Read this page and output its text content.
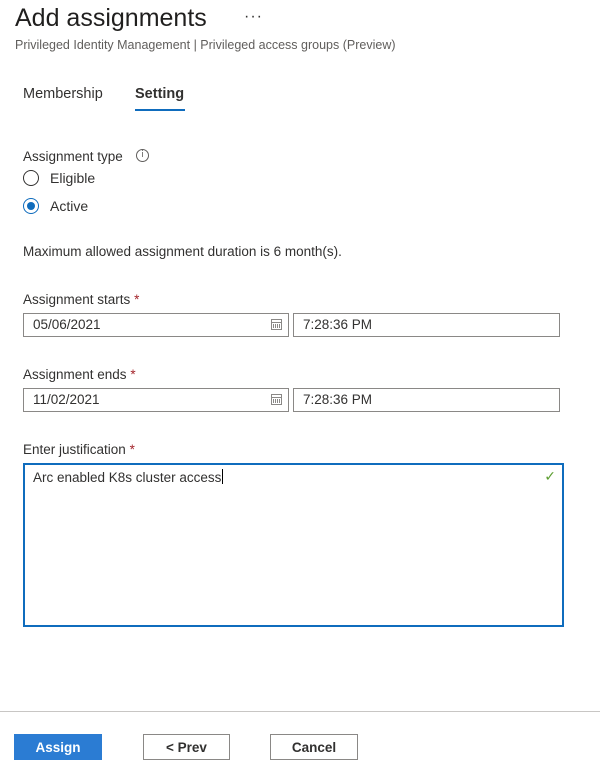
Add assignments ···
Privileged Identity Management | Privileged access groups (Preview)
Membership Setting
Assignment type	i
Eligible
Active
Maximum allowed assignment duration is 6 month(s).
Assignment starts *
05/06/2021	7:28:36 PM
Assignment ends *
11/02/2021	7:28:36 PM
Enter justification *
Arc enabled K8s cluster access	✓
Assign	< Prev	Cancel
